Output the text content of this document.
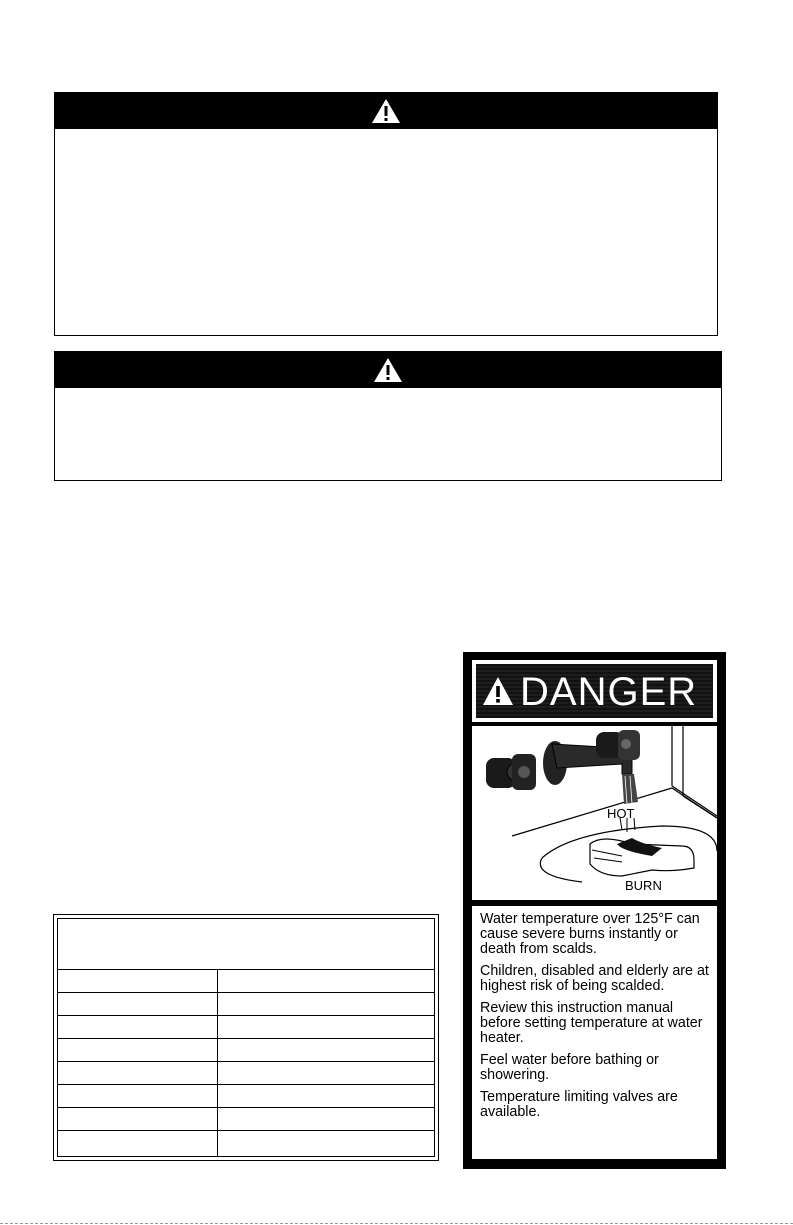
DANGER
HOT
BURN

Water temperature over 125°F can cause severe burns instantly or death from scalds.

Children, disabled and elderly are at highest risk of being scalded.

Review this instruction manual before setting temperature at water heater.

Feel water before bathing or showering.

Temperature limiting valves are available.
